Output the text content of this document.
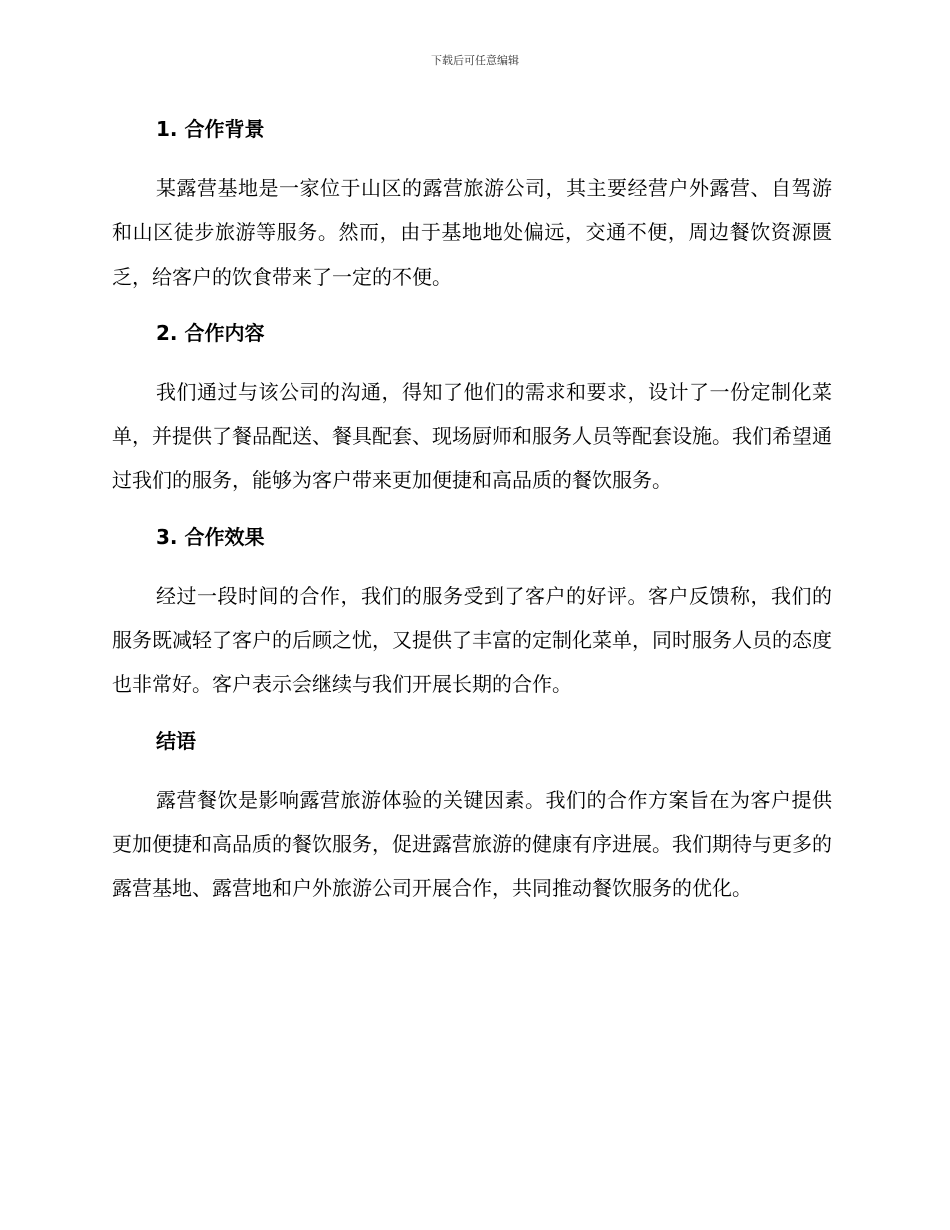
下载后可任意编辑
1. 合作背景

某露营基地是一家位于山区的露营旅游公司，其主要经营户外露营、自驾游和山区徒步旅游等服务。然而，由于基地地处偏远，交通不便，周边餐饮资源匮乏，给客户的饮食带来了一定的不便。

2. 合作内容

我们通过与该公司的沟通，得知了他们的需求和要求，设计了一份定制化菜单，并提供了餐品配送、餐具配套、现场厨师和服务人员等配套设施。我们希望通过我们的服务，能够为客户带来更加便捷和高品质的餐饮服务。

3. 合作效果

经过一段时间的合作，我们的服务受到了客户的好评。客户反馈称，我们的服务既减轻了客户的后顾之忧，又提供了丰富的定制化菜单，同时服务人员的态度也非常好。客户表示会继续与我们开展长期的合作。

结语

露营餐饮是影响露营旅游体验的关键因素。我们的合作方案旨在为客户提供更加便捷和高品质的餐饮服务，促进露营旅游的健康有序进展。我们期待与更多的露营基地、露营地和户外旅游公司开展合作，共同推动餐饮服务的优化。
